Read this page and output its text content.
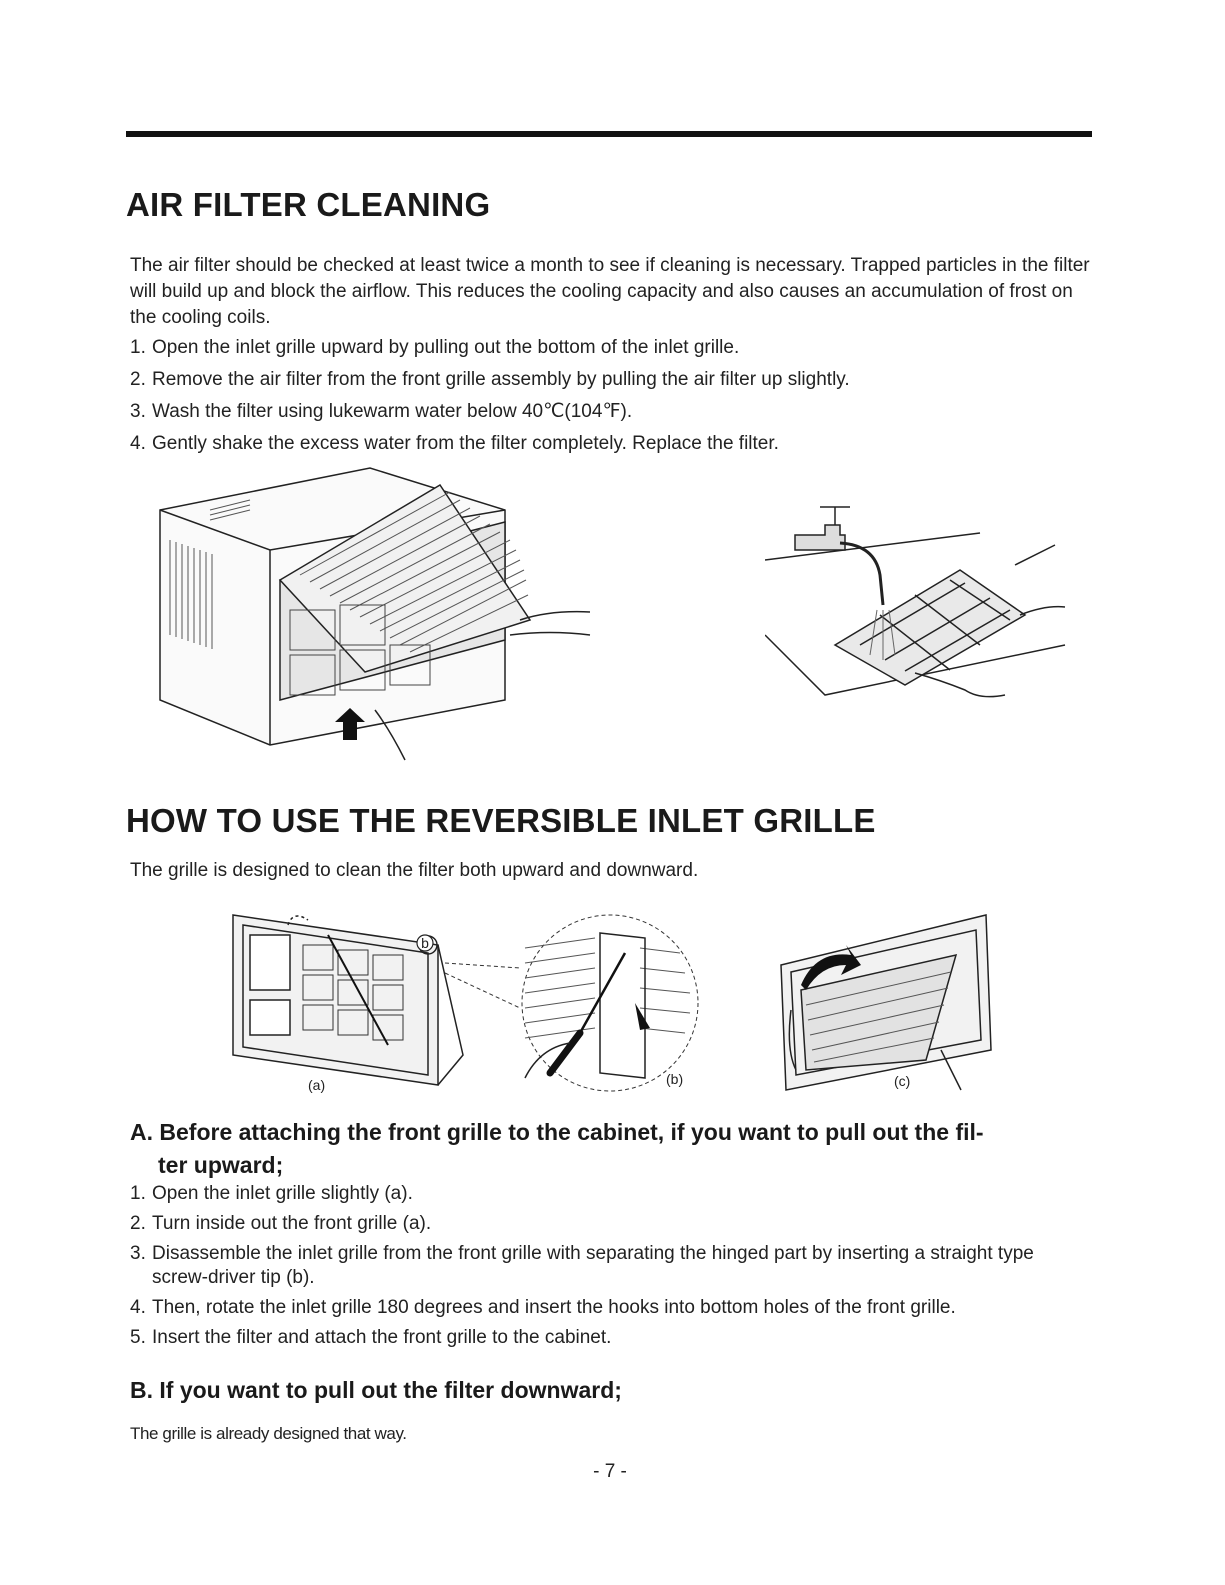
AIR FILTER CLEANING

The air filter should be checked at least twice a month to see if cleaning is necessary. Trapped particles in the filter will build up and block the airflow. This reduces the cooling capacity and also causes an accumulation of frost on the cooling coils.

1. Open the inlet grille upward by pulling out the bottom of the inlet grille.
2. Remove the air filter from the front grille assembly by pulling the air filter up slightly.
3. Wash the filter using lukewarm water below 40℃(104℉).
4. Gently shake the excess water from the filter completely. Replace the filter.
HOW TO USE THE REVERSIBLE INLET GRILLE

The grille is designed to clean the filter both upward and downward.

b
(a)	(b)	(c)
A. Before attaching the front grille to the cabinet, if you want to pull out the fil-
ter upward;
1. Open the inlet grille slightly (a).
2. Turn inside out the front grille (a).
3. Disassemble the inlet grille from the front grille with separating the hinged part by inserting a straight type screw-driver tip (b).
4. Then, rotate the inlet grille 180 degrees and insert the hooks into bottom holes of the front grille.
5. Insert the filter and attach the front grille to the cabinet.
B. If you want to pull out the filter downward;

The grille is already designed that way.

- 7 -
